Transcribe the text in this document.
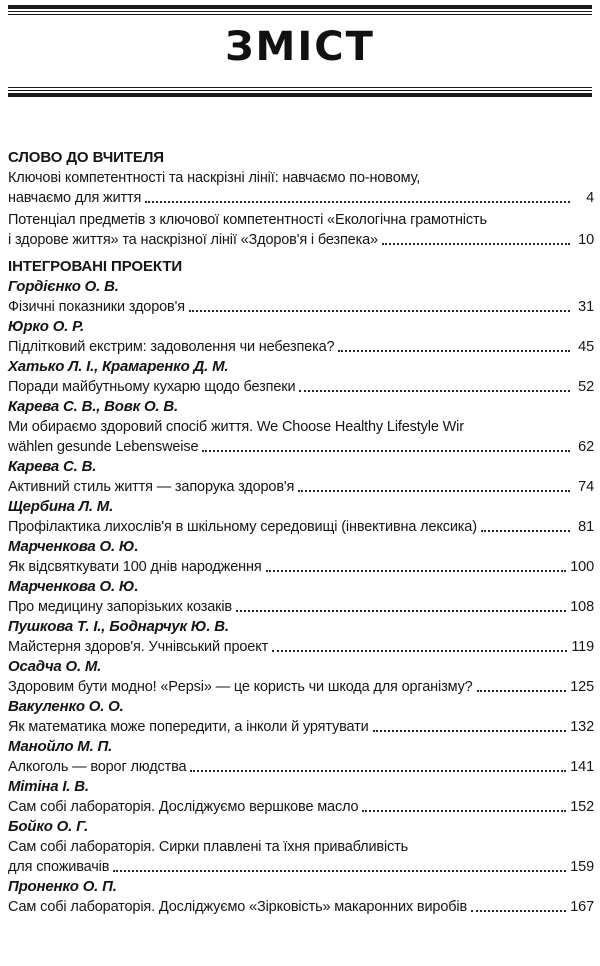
ЗМІСТ
СЛОВО ДО ВЧИТЕЛЯ
Ключові компетентності та наскрізні лінії: навчаємо по-новому,
навчаємо для життя	4
Потенціал предметів з ключової компетентності «Екологічна грамотність
і здорове життя» та наскрізної лінії «Здоров'я і безпека»	10
ІНТЕГРОВАНІ ПРОЕКТИ
Гордієнко О. В.
Фізичні показники здоров'я	31
Юрко О. Р.
Підлітковий екстрим: задоволення чи небезпека?	45
Хатько Л. І., Крамаренко Д. М.
Поради майбутньому кухарю щодо безпеки	52
Карева С. В., Вовк О. В.
Ми обираємо здоровий спосіб життя. We Choose Healthy Lifestyle Wir
wählen gesunde Lebensweise	62
Карева С. В.
Активний стиль життя — запорука здоров'я	74
Щербина Л. М.
Профілактика лихослів'я в шкільному середовищі (інвективна лексика)	81
Марченкова О. Ю.
Як відсвяткувати 100 днів народження	100
Марченкова О. Ю.
Про медицину запорізьких козаків	108
Пушкова Т. І., Боднарчук Ю. В.
Майстерня здоров'я. Учнівський проект	119
Осадча О. М.
Здоровим бути модно! «Pepsi» — це користь чи шкода для організму?	125
Вакуленко О. О.
Як математика може попередити, а інколи й урятувати	132
Манойло М. П.
Алкоголь — ворог людства	141
Мітіна І. В.
Сам собі лабораторія. Досліджуємо вершкове масло	152
Бойко О. Г.
Сам собі лабораторія. Сирки плавлені та їхня привабливість
для споживачів	159
Проненко О. П.
Сам собі лабораторія. Досліджуємо «Зірковість» макаронних виробів	167
